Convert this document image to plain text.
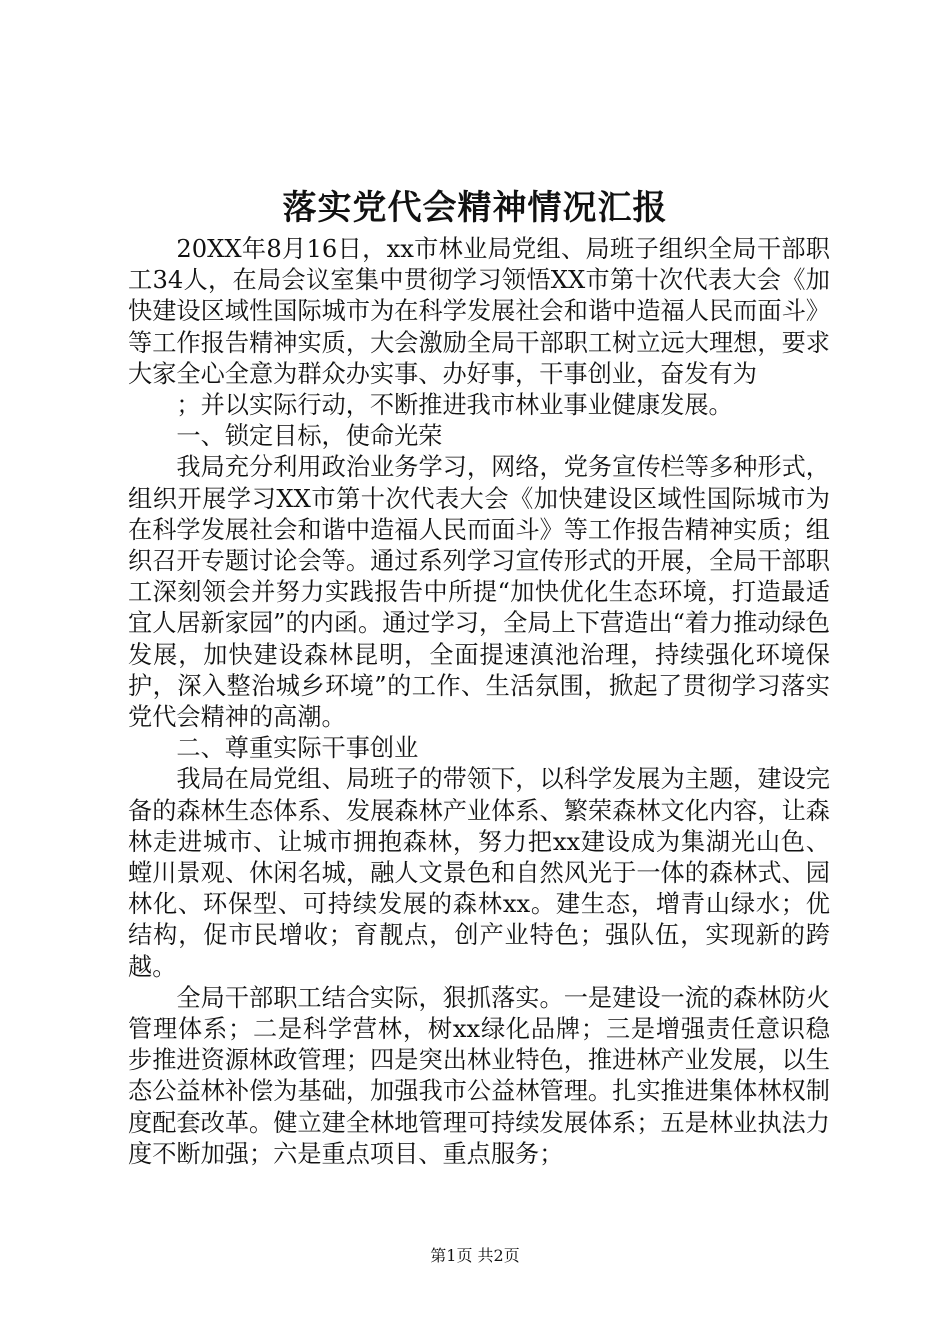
落实党代会精神情况汇报

20XX年8月16日，xx市林业局党组、局班子组织全局干部职工34人，在局会议室集中贯彻学习领悟XX市第十次代表大会《加快建设区域性国际城市为在科学发展社会和谐中造福人民而面斗》等工作报告精神实质，大会激励全局干部职工树立远大理想，要求大家全心全意为群众办实事、办好事，干事创业，奋发有为

；并以实际行动，不断推进我市林业事业健康发展。

一、锁定目标，使命光荣

我局充分利用政治业务学习，网络，党务宣传栏等多种形式，组织开展学习XX市第十次代表大会《加快建设区域性国际城市为在科学发展社会和谐中造福人民而面斗》等工作报告精神实质；组织召开专题讨论会等。通过系列学习宣传形式的开展，全局干部职工深刻领会并努力实践报告中所提“加快优化生态环境，打造最适宜人居新家园”的内函。通过学习，全局上下营造出“着力推动绿色发展，加快建设森林昆明，全面提速滇池治理，持续强化环境保护，深入整治城乡环境”的工作、生活氛围，掀起了贯彻学习落实党代会精神的高潮。

二、尊重实际干事创业

我局在局党组、局班子的带领下，以科学发展为主题，建设完备的森林生态体系、发展森林产业体系、繁荣森林文化内容，让森林走进城市、让城市拥抱森林，努力把xx建设成为集湖光山色、螳川景观、休闲名城，融人文景色和自然风光于一体的森林式、园林化、环保型、可持续发展的森林xx。建生态，增青山绿水；优结构，促市民增收；育靓点，创产业特色；强队伍，实现新的跨越。

全局干部职工结合实际，狠抓落实。一是建设一流的森林防火管理体系；二是科学营林，树xx绿化品牌；三是增强责任意识稳步推进资源林政管理；四是突出林业特色，推进林产业发展，以生态公益林补偿为基础，加强我市公益林管理。扎实推进集体林权制度配套改革。健立建全林地管理可持续发展体系；五是林业执法力度不断加强；六是重点项目、重点服务；

第1页 共2页
